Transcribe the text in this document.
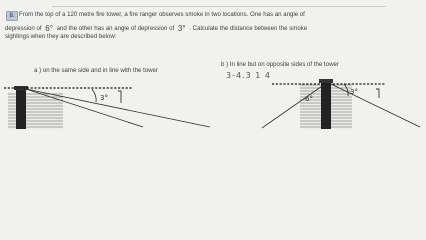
8. From the top of a 120 metre fire tower, a fire ranger observes smoke in two locations. One has an angle of
depression of 6° and the other has an angle of depression of 3° . Calculate the distance between the smoke
sightings when they are described below:
a ) on the same side and in line with the tower
b ) In line but on opposite sides of the tower
3-4.3 1 4
3°	6°
3°
